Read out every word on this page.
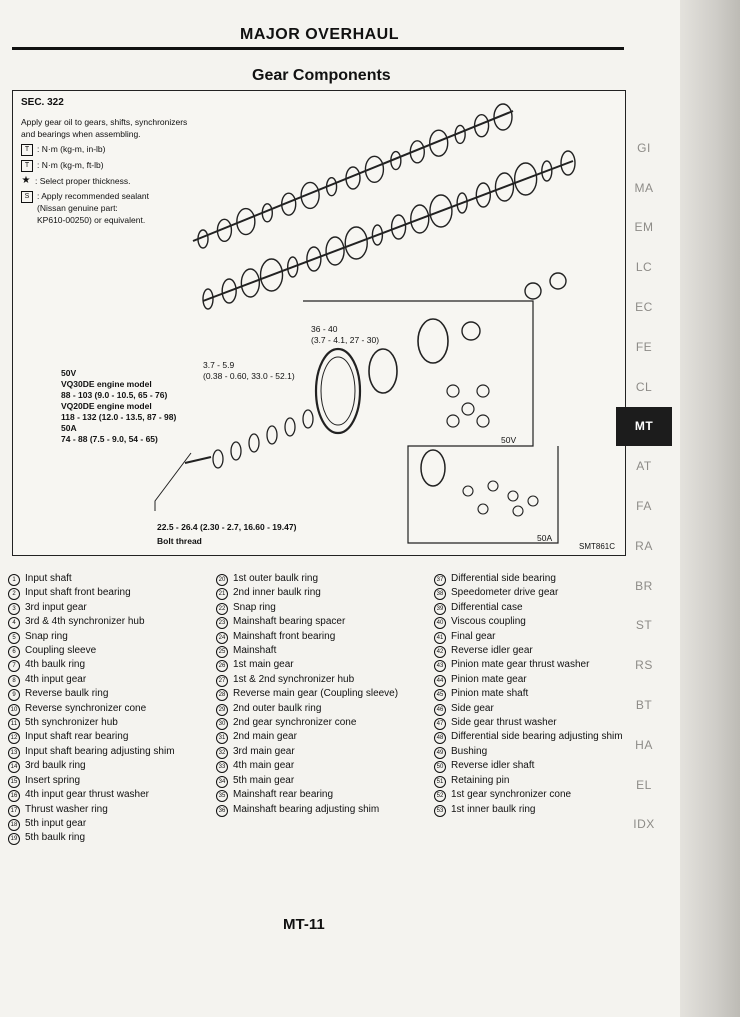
MAJOR OVERHAUL
Gear Components
SEC. 322
Apply gear oil to gears, shifts, synchronizers
and bearings when assembling.
T : N·m (kg-m, in-lb)
T : N·m (kg-m, ft-lb)
★ : Select proper thickness.
S : Apply recommended sealant
(Nissan genuine part:
KP610-00250) or equivalent.

36 - 40
(3.7 - 4.1, 27 - 30)

3.7 - 5.9
(0.38 - 0.60, 33.0 - 52.1)

50V
VQ30DE engine model
88 - 103 (9.0 - 10.5, 65 - 76)
VQ20DE engine model
118 - 132 (12.0 - 13.5, 87 - 98)
50A
74 - 88 (7.5 - 9.0, 54 - 65)

22.5 - 26.4 (2.30 - 2.7, 16.60 - 19.47)

Bolt thread

50V
50A
SMT861C
1 Input shaft
2 Input shaft front bearing
3 3rd input gear
4 3rd & 4th synchronizer hub
5 Snap ring
6 Coupling sleeve
7 4th baulk ring
8 4th input gear
9 Reverse baulk ring
10 Reverse synchronizer cone
11 5th synchronizer hub
12 Input shaft rear bearing
13 Input shaft bearing adjusting shim
14 3rd baulk ring
15 Insert spring
16 4th input gear thrust washer
17 Thrust washer ring
18 5th input gear
19 5th baulk ring
20 1st outer baulk ring
21 2nd inner baulk ring
22 Snap ring
23 Mainshaft bearing spacer
24 Mainshaft front bearing
25 Mainshaft
26 1st main gear
27 1st & 2nd synchronizer hub
28 Reverse main gear (Coupling sleeve)
29 2nd outer baulk ring
30 2nd gear synchronizer cone
31 2nd main gear
32 3rd main gear
33 4th main gear
34 5th main gear
35 Mainshaft rear bearing
36 Mainshaft bearing adjusting shim
37 Differential side bearing
38 Speedometer drive gear
39 Differential case
40 Viscous coupling
41 Final gear
42 Reverse idler gear
43 Pinion mate gear thrust washer
44 Pinion mate gear
45 Pinion mate shaft
46 Side gear
47 Side gear thrust washer
48 Differential side bearing adjusting shim
49 Bushing
50 Reverse idler shaft
51 Retaining pin
52 1st gear synchronizer cone
53 1st inner baulk ring
MT-11
GI
MA
EM
LC
EC
FE
CL
MT
AT
FA
RA
BR
ST
RS
BT
HA
EL
IDX
